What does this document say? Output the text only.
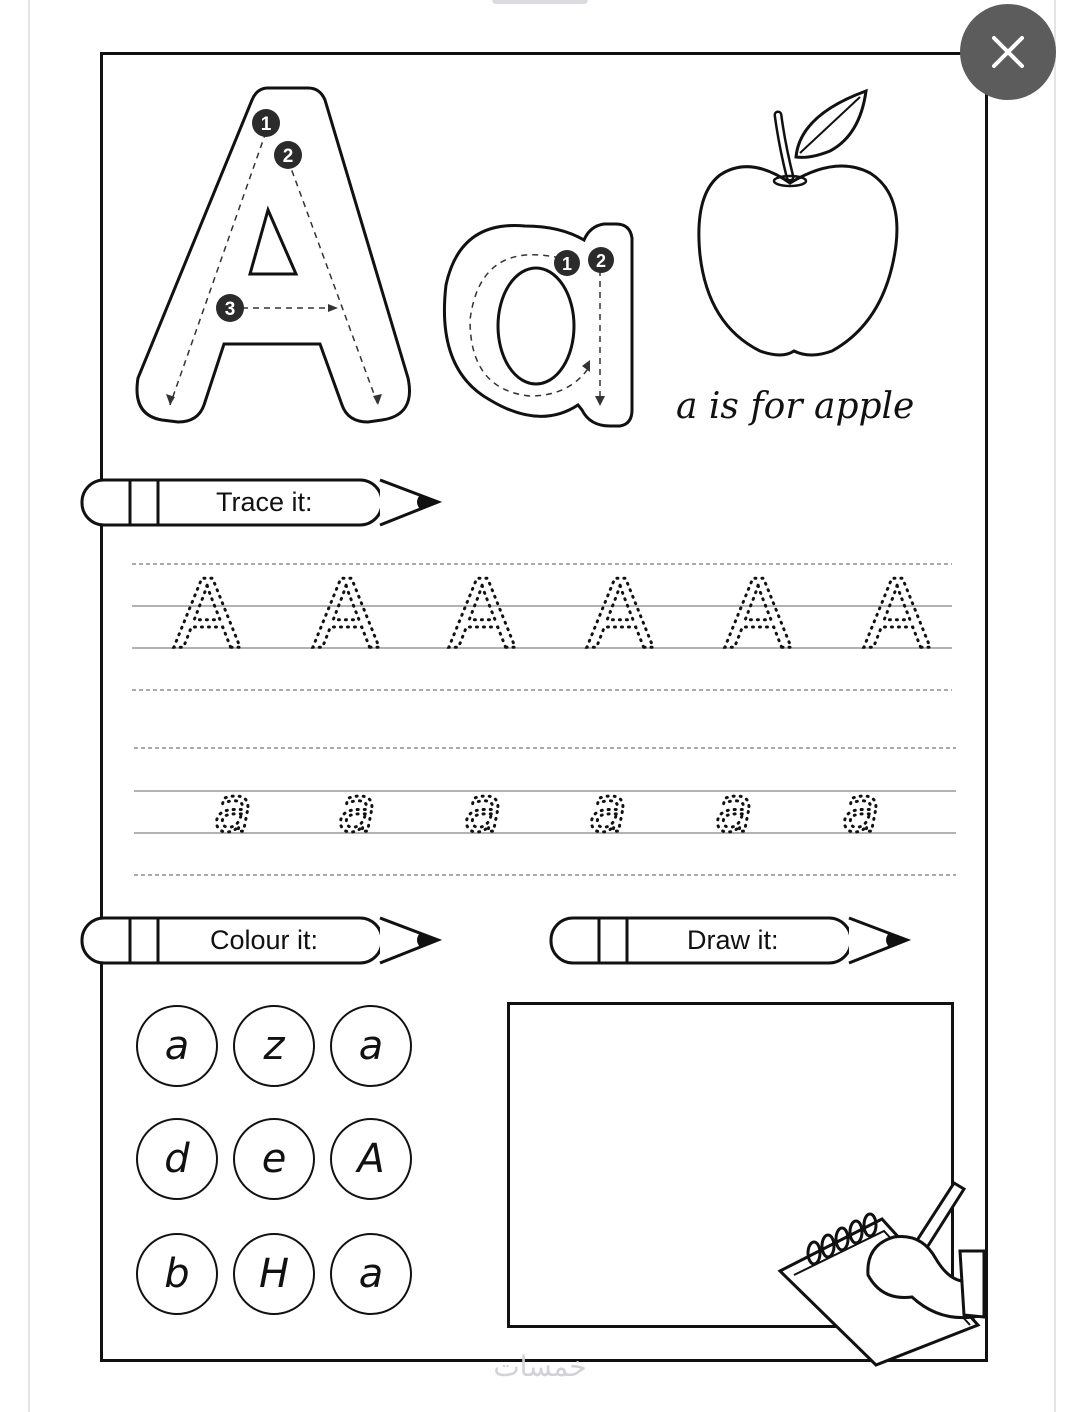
1
2
3
1 2
a is for apple
Trace it:
A
a
A
a
A
a
A
a
A
a
A
a
Colour it:	Draw it:
a	z	a
d	e	A
b	H	a
خمسات
